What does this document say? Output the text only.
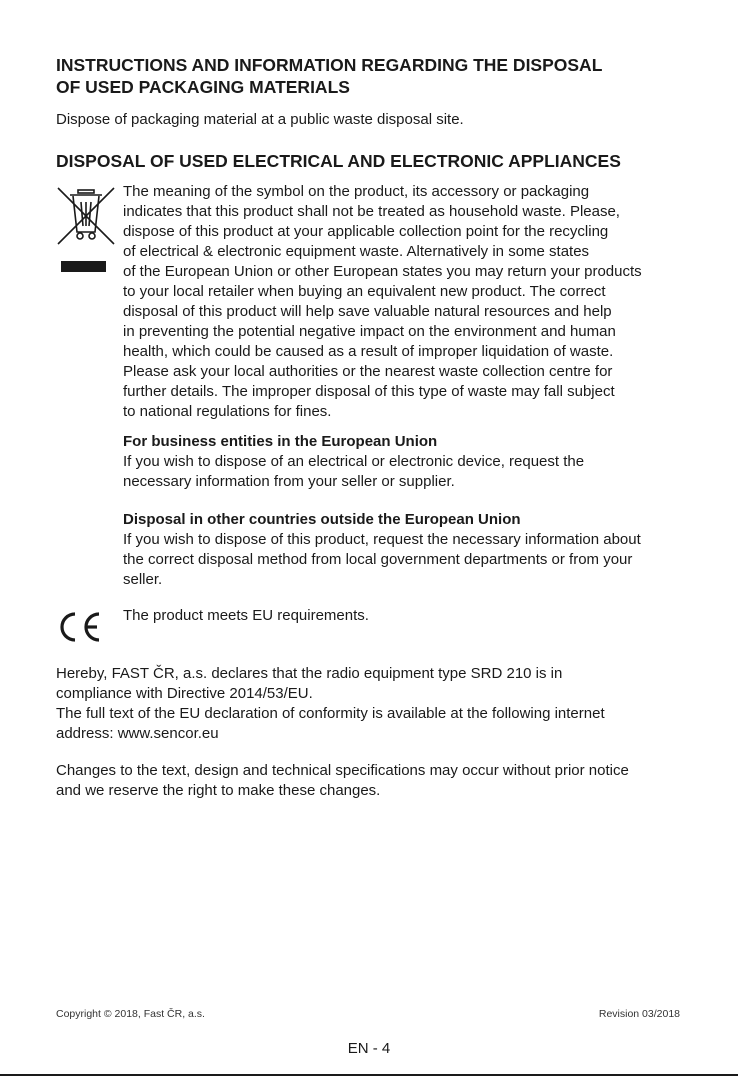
INSTRUCTIONS AND INFORMATION REGARDING THE DISPOSAL
OF USED PACKAGING MATERIALS

Dispose of packaging material at a public waste disposal site.

DISPOSAL OF USED ELECTRICAL AND ELECTRONIC APPLIANCES

The meaning of the symbol on the product, its accessory or packaging
indicates that this product shall not be treated as household waste. Please,
dispose of this product at your applicable collection point for the recycling
of electrical & electronic equipment waste. Alternatively in some states
of the European Union or other European states you may return your products
to your local retailer when buying an equivalent new product. The correct
disposal of this product will help save valuable natural resources and help
in preventing the potential negative impact on the environment and human
health, which could be caused as a result of improper liquidation of waste.
Please ask your local authorities or the nearest waste collection centre for
further details. The improper disposal of this type of waste may fall subject
to national regulations for fines.

For business entities in the European Union
If you wish to dispose of an electrical or electronic device, request the
necessary information from your seller or supplier.
Disposal in other countries outside the European Union
If you wish to dispose of this product, request the necessary information about
the correct disposal method from local government departments or from your
seller.

The product meets EU requirements.

Hereby, FAST ČR, a.s. declares that the radio equipment type SRD 210 is in
compliance with Directive 2014/53/EU.
The full text of the EU declaration of conformity is available at the following internet
address: www.sencor.eu

Changes to the text, design and technical specifications may occur without prior notice
and we reserve the right to make these changes.

Copyright © 2018, Fast ČR, a.s.	Revision 03/2018
EN - 4
